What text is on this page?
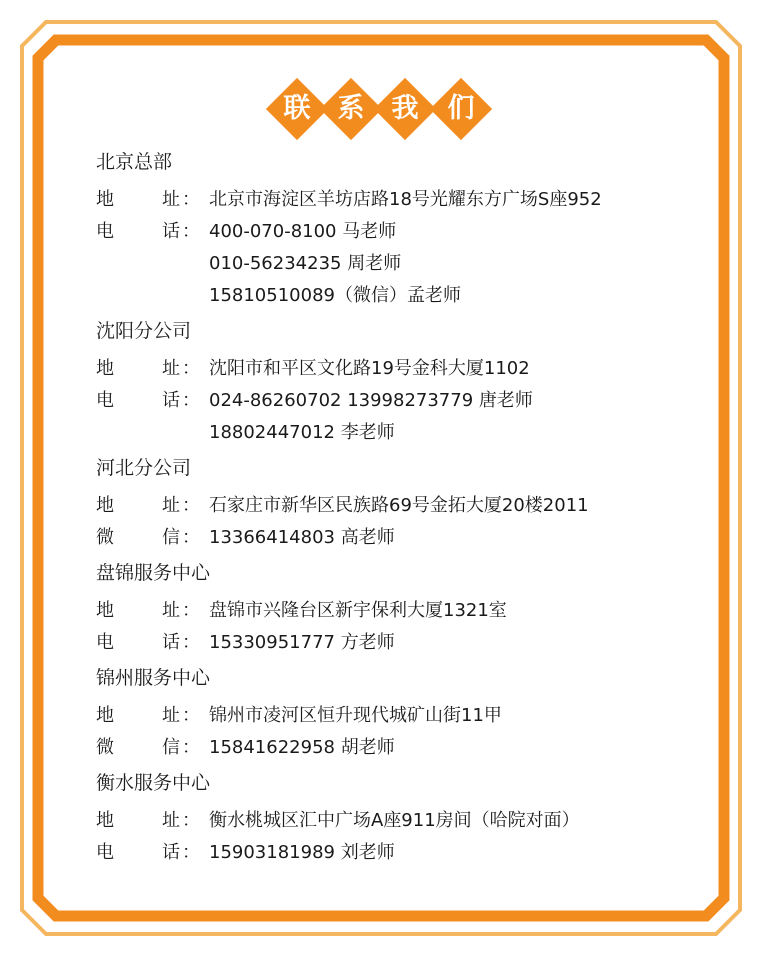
联	系	我	们
北京总部
地	址 ： 北京市海淀区羊坊店路18号光耀东方广场S座952
电	话 ： 400-070-8100 马老师
010-56234235 周老师
15810510089（微信）孟老师
沈阳分公司
地	址 ： 沈阳市和平区文化路19号金科大厦1102
电	话 ： 024-86260702 13998273779 唐老师
18802447012 李老师
河北分公司
地	址 ： 石家庄市新华区民族路69号金拓大厦20楼2011
微	信 ： 13366414803 高老师
盘锦服务中心
地	址 ： 盘锦市兴隆台区新宇保利大厦1321室
电	话 ： 15330951777 方老师
锦州服务中心
地	址 ： 锦州市凌河区恒升现代城矿山街11甲
微	信 ： 15841622958 胡老师
衡水服务中心
地	址 ： 衡水桃城区汇中广场A座911房间（哈院对面）
电	话 ： 15903181989 刘老师
